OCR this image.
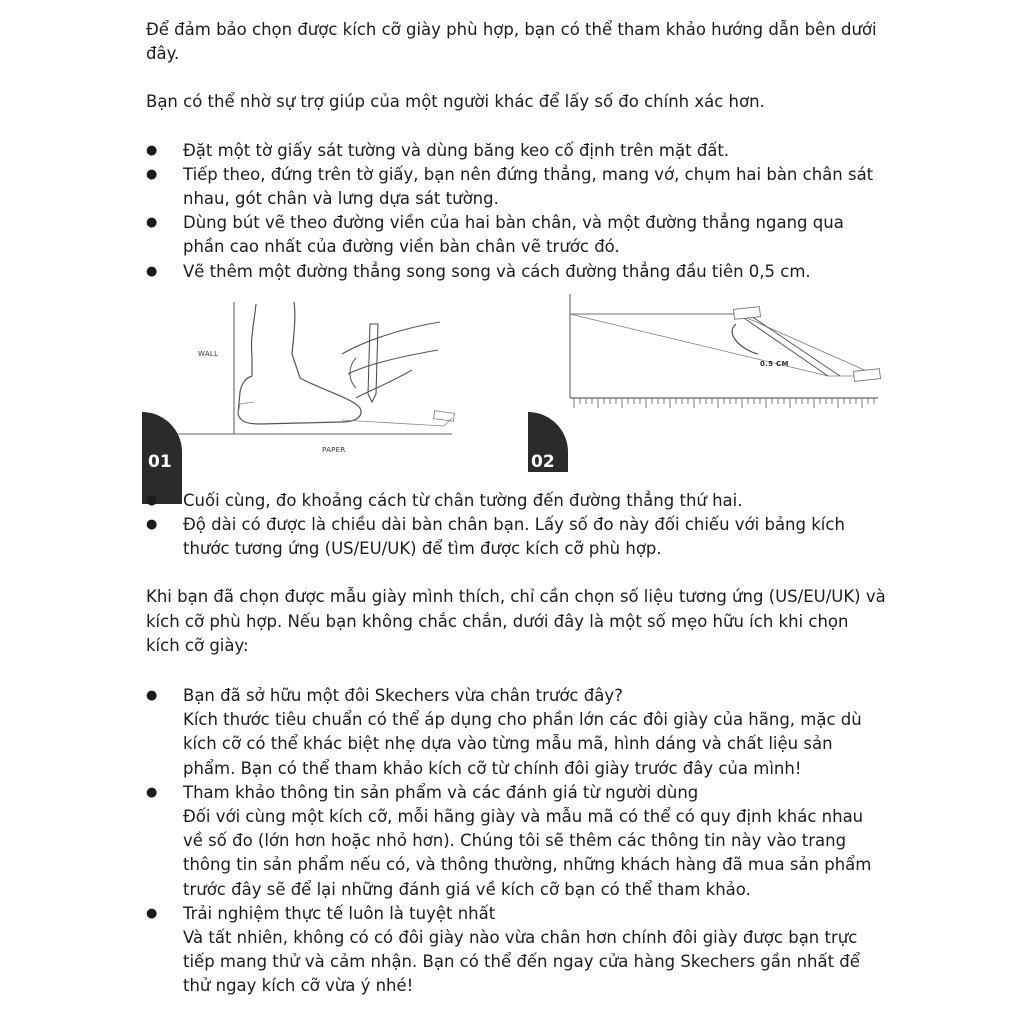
Để đảm bảo chọn được kích cỡ giày phù hợp, bạn có thể tham khảo hướng dẫn bên dưới đây.

Bạn có thể nhờ sự trợ giúp của một người khác để lấy số đo chính xác hơn.

● Đặt một tờ giấy sát tường và dùng băng keo cố định trên mặt đất.
● Tiếp theo, đứng trên tờ giấy, bạn nên đứng thẳng, mang vớ, chụm hai bàn chân sát nhau, gót chân và lưng dựa sát tường.
● Dùng bút vẽ theo đường viền của hai bàn chân, và một đường thẳng ngang qua phần cao nhất của đường viền bàn chân vẽ trước đó.
● Vẽ thêm một đường thẳng song song và cách đường thẳng đầu tiên 0,5 cm.
WALL
PAPER
01
0.5 CM
02
● Cuối cùng, đo khoảng cách từ chân tường đến đường thẳng thứ hai.
● Độ dài có được là chiều dài bàn chân bạn. Lấy số đo này đối chiếu với bảng kích thước tương ứng (US/EU/UK) để tìm được kích cỡ phù hợp.

Khi bạn đã chọn được mẫu giày mình thích, chỉ cần chọn số liệu tương ứng (US/EU/UK) và kích cỡ phù hợp. Nếu bạn không chắc chắn, dưới đây là một số mẹo hữu ích khi chọn kích cỡ giày:

● Bạn đã sở hữu một đôi Skechers vừa chân trước đây?
Kích thước tiêu chuẩn có thể áp dụng cho phần lớn các đôi giày của hãng, mặc dù kích cỡ có thể khác biệt nhẹ dựa vào từng mẫu mã, hình dáng và chất liệu sản phẩm. Bạn có thể tham khảo kích cỡ từ chính đôi giày trước đây của mình!
● Tham khảo thông tin sản phẩm và các đánh giá từ người dùng
Đối với cùng một kích cỡ, mỗi hãng giày và mẫu mã có thể có quy định khác nhau về số đo (lớn hơn hoặc nhỏ hơn). Chúng tôi sẽ thêm các thông tin này vào trang thông tin sản phẩm nếu có, và thông thường, những khách hàng đã mua sản phẩm trước đây sẽ để lại những đánh giá về kích cỡ bạn có thể tham khảo.
● Trải nghiệm thực tế luôn là tuyệt nhất
Và tất nhiên, không có có đôi giày nào vừa chân hơn chính đôi giày được bạn trực tiếp mang thử và cảm nhận. Bạn có thể đến ngay cửa hàng Skechers gần nhất để thử ngay kích cỡ vừa ý nhé!
